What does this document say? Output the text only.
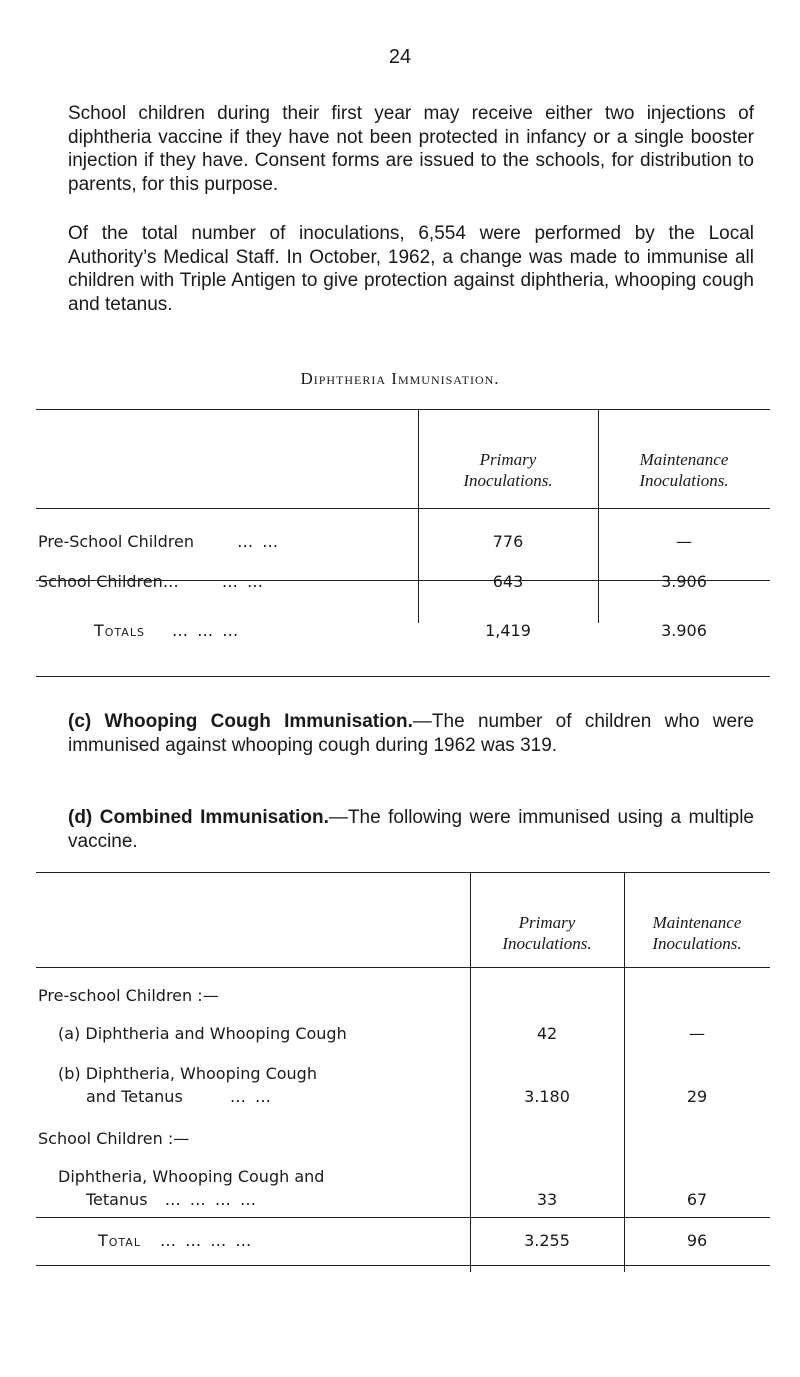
24

School children during their first year may receive either two injections of diphtheria vaccine if they have not been protected in infancy or a single booster injection if they have. Consent forms are issued to the schools, for distribution to parents, for this purpose.

Of the total number of inoculations, 6,554 were performed by the Local Authority’s Medical Staff. In October, 1962, a change was made to immunise all children with Triple Antigen to give protection against diphtheria, whooping cough and tetanus.

Diphtheria Immunisation.
Primary
Inoculations.
Maintenance
Inoculations.
Pre-School Children	… …	776	—
School Children…	… …	643	3.906
Totals … … …	1,419	3.906

(c) Whooping Cough Immunisation.—The number of children who were immunised against whooping cough during 1962 was 319.

(d) Combined Immunisation.—The following were immunised using a multiple vaccine.

Primary
Inoculations.
Maintenance
Inoculations.
Pre-school Children :—
(a) Diphtheria and Whooping Cough	42	—
(b) Diphtheria, Whooping Cough
and Tetanus	… …	3.180	29
School Children :—
Diphtheria, Whooping Cough and
Tetanus … … … …	33	67
Total … … … …	3.255	96
